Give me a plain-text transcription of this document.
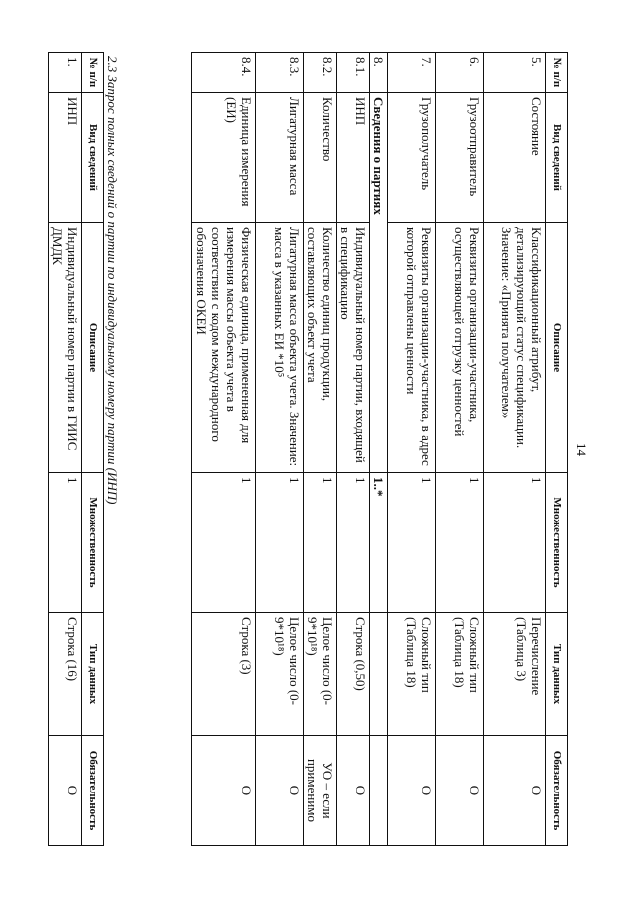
14
№ п/п	Вид сведений	Описание	Множественность	Тип данных	Обязательность
5.	Состояние	Классификационный атрибут, детализирующий статус спецификации. Значение: «Принята получателем»	1	Перечисление (Таблица 3)	О
6.	Грузоотправитель	Реквизиты организации-участника, осуществляющей отгрузку ценностей	1	Сложный тип (Таблица 18)	О
7.	Грузополучатель	Реквизиты организации-участника, в адрес которой отправлены ценности	1	Сложный тип (Таблица 18)	О
8.	Сведения о партиях		1..*		
8.1.	ИНП	Индивидуальный номер партии, входящей в спецификацию	1	Строка (0,50)	О
8.2.	Количество	Количество единиц продукции, составляющих объект учета	1	Целое число (0-9*10¹⁸)	УО – если применимо
8.3.	Лигатурная масса	Лигатурная масса объекта учета. Значение: масса в указанных ЕИ *10⁵	1	Целое число (0-9*10¹⁸)	О
8.4.	Единица измерения (ЕИ)	Физическая единица, примененная для измерения массы объекта учета в соответствии с кодом международного обозначения ОКЕИ	1	Строка (3)	О
2.3 Запрос полных сведений о партии по индивидуальному номеру партии (ИНП)
№ п/п	Вид сведений	Описание	Множественность	Тип данных	Обязательность
1.	ИНП	Индивидуальный номер партии в ГИИС ДМДК	1	Строка (16)	О
